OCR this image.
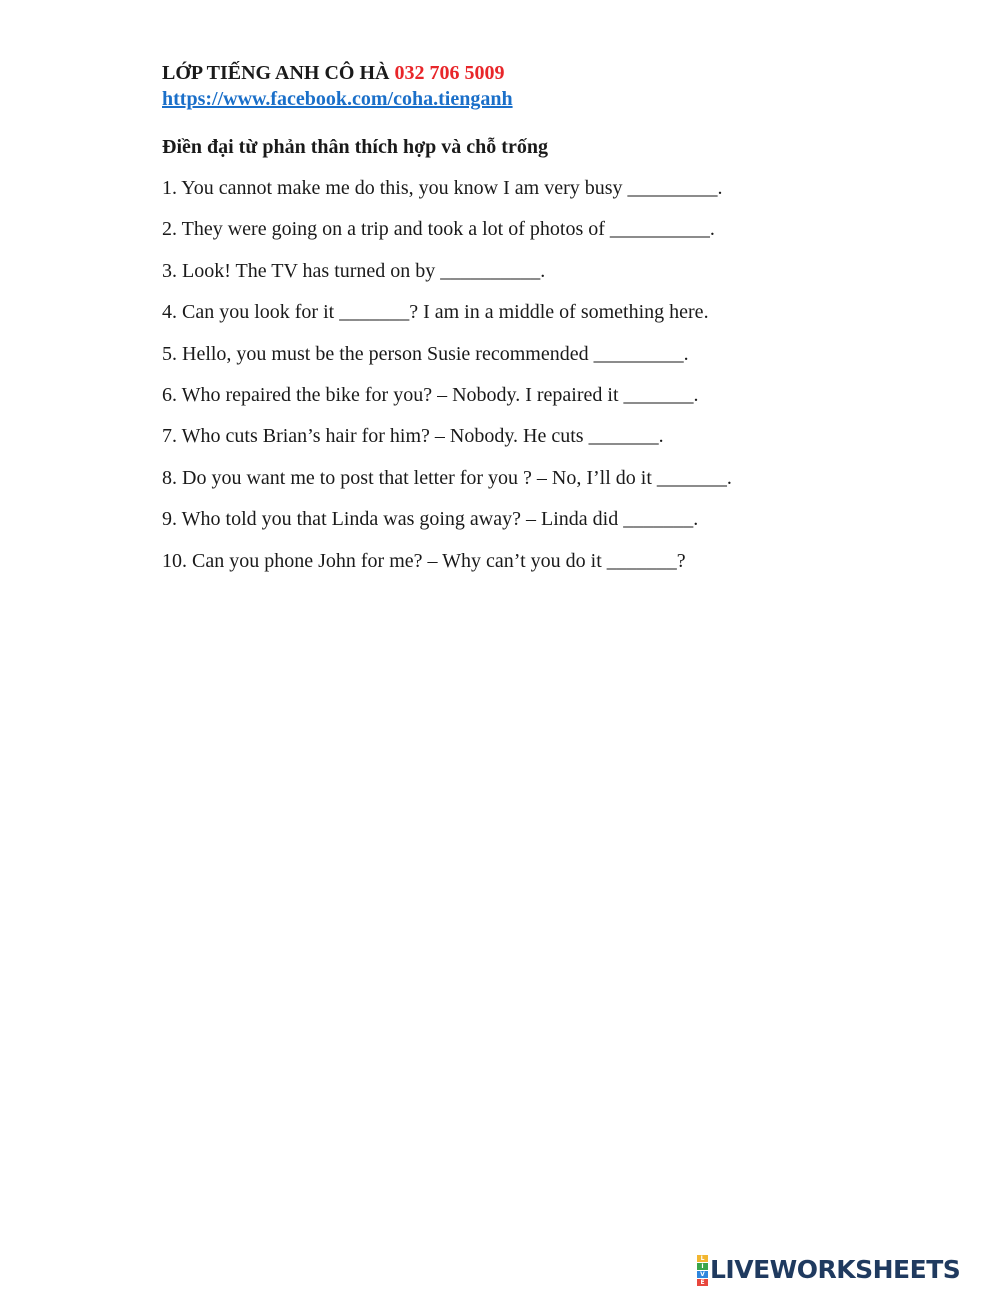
LỚP TIẾNG ANH CÔ HÀ 032 706 5009
https://www.facebook.com/coha.tienganh
Điền đại từ phản thân thích hợp và chỗ trống
1. You cannot make me do this, you know I am very busy _________.
2. They were going on a trip and took a lot of photos of __________.
3. Look! The TV has turned on by __________.
4. Can you look for it _______? I am in a middle of something here.
5. Hello, you must be the person Susie recommended _________.
6. Who repaired the bike for you? – Nobody. I repaired it _______.
7. Who cuts Brian’s hair for him? – Nobody. He cuts _______.
8. Do you want me to post that letter for you ? – No, I’ll do it _______.
9. Who told you that Linda was going away? – Linda did _______.
10. Can you phone John for me? – Why can’t you do it _______?
L
I
V
E LIVEWORKSHEETS
